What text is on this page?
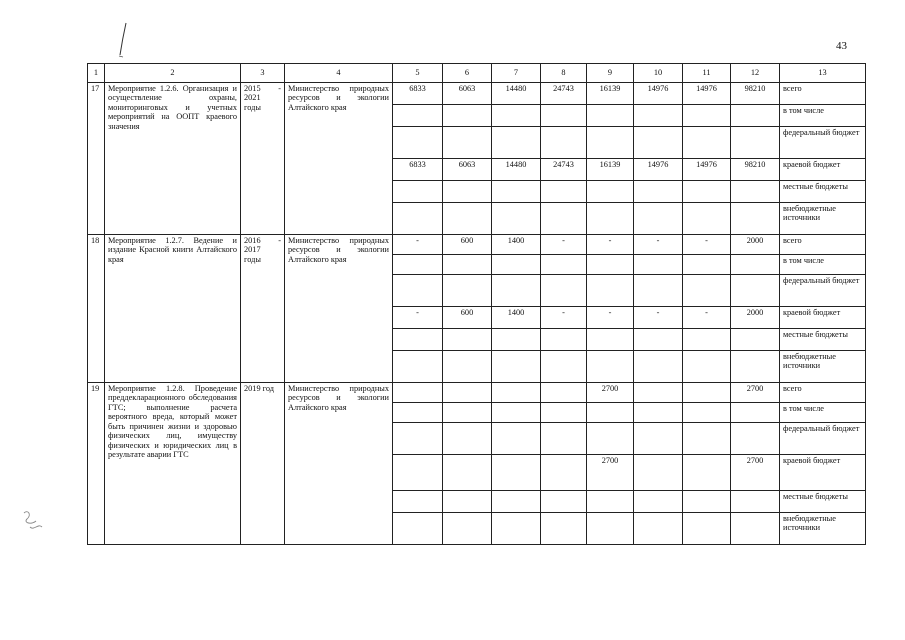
43
1	2	3	4	5	6	7	8	9	10	11	12	13
17	Мероприятие 1.2.6. Организация и осуществление охраны, мониторинговых и учетных мероприятий на ООПТ краевого значения	2015 -
2021
годы	Министерство природных ресурсов и экологии Алтайского края	6833	6063	14480	24743	16139	14976	14976	98210	всего
												в том числе
												федеральный бюджет
				6833	6063	14480	24743	16139	14976	14976	98210	краевой бюджет
												местные бюджеты
												внебюджетные источники
18	Мероприятие 1.2.7. Ведение и издание Красной книги Алтайского края	2016 -
2017
годы	Министерство природных ресурсов и экологии Алтайского края	-	600	1400	-	-	-	-	2000	всего
												в том числе
												федеральный бюджет
				-	600	1400	-	-	-	-	2000	краевой бюджет
												местные бюджеты
												внебюджетные источники
19	Мероприятие 1.2.8. Проведение преддекларационного обследования ГТС; выполнение расчета вероятного вреда, который может быть причинен жизни и здоровью физических лиц, имуществу физических и юридических лиц в результате аварии ГТС	2019 год	Министерство природных ресурсов и экологии Алтайского края					2700			2700	всего
												в том числе
												федеральный бюджет
								2700			2700	краевой бюджет
												местные бюджеты
												внебюджетные источники
